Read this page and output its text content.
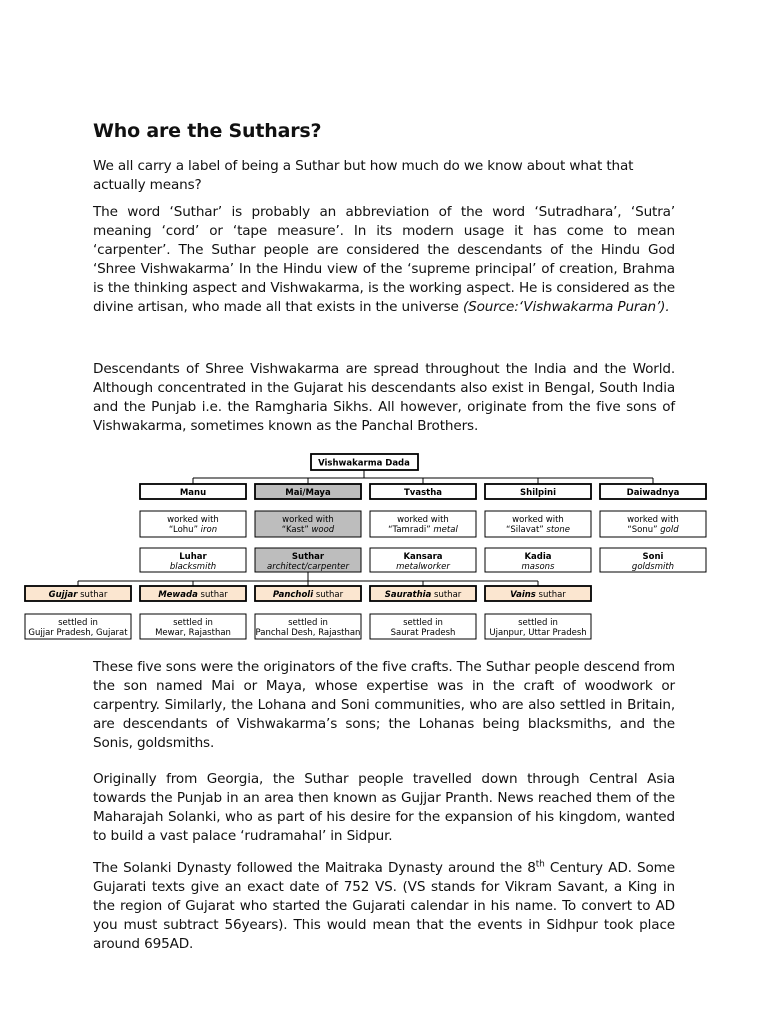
Who are the Suthars?
We all carry a label of being a Suthar but how much do we know about what that actually means?
The word ‘Suthar’ is probably an abbreviation of the word ‘Sutradhara’, ‘Sutra’ meaning ‘cord’ or ‘tape measure’. In its modern usage it has come to mean ‘carpenter’. The Suthar people are considered the descendants of the Hindu God ‘Shree Vishwakarma’ In the Hindu view of the ‘supreme principal’ of creation, Brahma is the thinking aspect and Vishwakarma, is the working aspect. He is considered as the divine artisan, who made all that exists in the universe (Source:‘Vishwakarma Puran’).
Descendants of Shree Vishwakarma are spread throughout the India and the World. Although concentrated in the Gujarat his descendants also exist in Bengal, South India and the Punjab i.e. the Ramgharia Sikhs. All however, originate from the five sons of Vishwakarma, sometimes known as the Panchal Brothers.
Vishwakarma Dada
Manu
worked with
“Lohu” iron
Luhar
blacksmith
Mai/Maya
worked with
“Kast” wood
Suthar
architect/carpenter
Tvastha
worked with
“Tamradi” metal
Kansara
metalworker
Shilpini
worked with
“Silavat” stone
Kadia
masons
Daiwadnya
worked with
“Sonu” gold
Soni
goldsmith
Gujjar suthar
settled in
Gujjar Pradesh, Gujarat
Mewada suthar
settled in
Mewar, Rajasthan
Pancholi suthar
settled in
Panchal Desh, Rajasthan
Saurathia suthar
settled in
Saurat Pradesh
Vains suthar
settled in
Ujanpur, Uttar Pradesh
These five sons were the originators of the five crafts. The Suthar people descend from the son named Mai or Maya, whose expertise was in the craft of woodwork or carpentry. Similarly, the Lohana and Soni communities, who are also settled in Britain, are descendants of Vishwakarma’s sons; the Lohanas being blacksmiths, and the Sonis, goldsmiths.
Originally from Georgia, the Suthar people travelled down through Central Asia towards the Punjab in an area then known as Gujjar Pranth. News reached them of the Maharajah Solanki, who as part of his desire for the expansion of his kingdom, wanted to build a vast palace ‘rudramahal’ in Sidpur.
The Solanki Dynasty followed the Maitraka Dynasty around the 8th Century AD. Some Gujarati texts give an exact date of 752 VS. (VS stands for Vikram Savant, a King in the region of Gujarat who started the Gujarati calendar in his name. To convert to AD you must subtract 56years). This would mean that the events in Sidhpur took place around 695AD.
